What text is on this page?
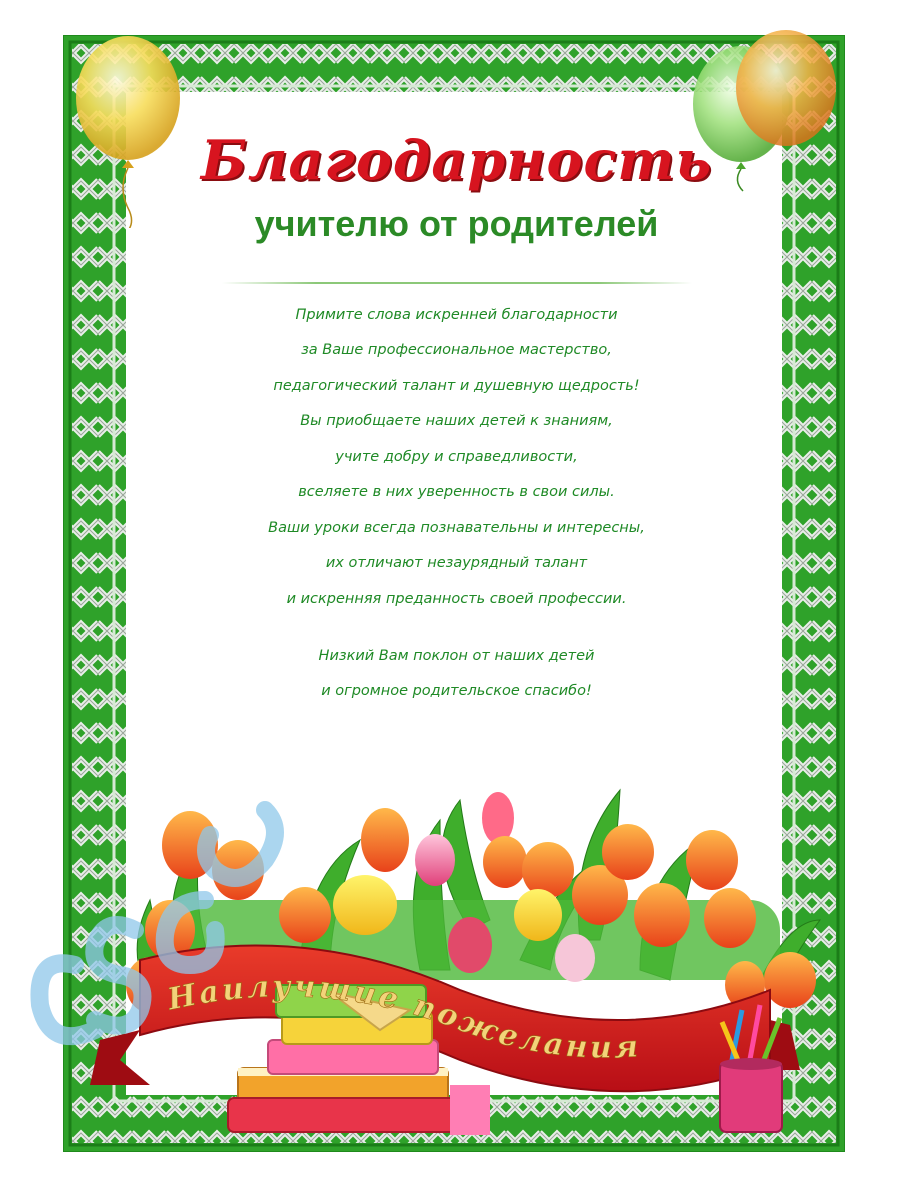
Благодарность
учителю от родителей
Примите слова искренней благодарности
за Ваше профессиональное мастерство,
педагогический талант и душевную щедрость!
Вы приобщаете наших детей к знаниям,
учите добру и справедливости,
вселяете в них уверенность в свои силы.
Ваши уроки всегда познавательны и интересны,
их отличают незаурядный талант
и искренняя преданность своей профессии.
Низкий Вам поклон от наших детей
и огромное родительское спасибо!
Наилучшие пожелания
